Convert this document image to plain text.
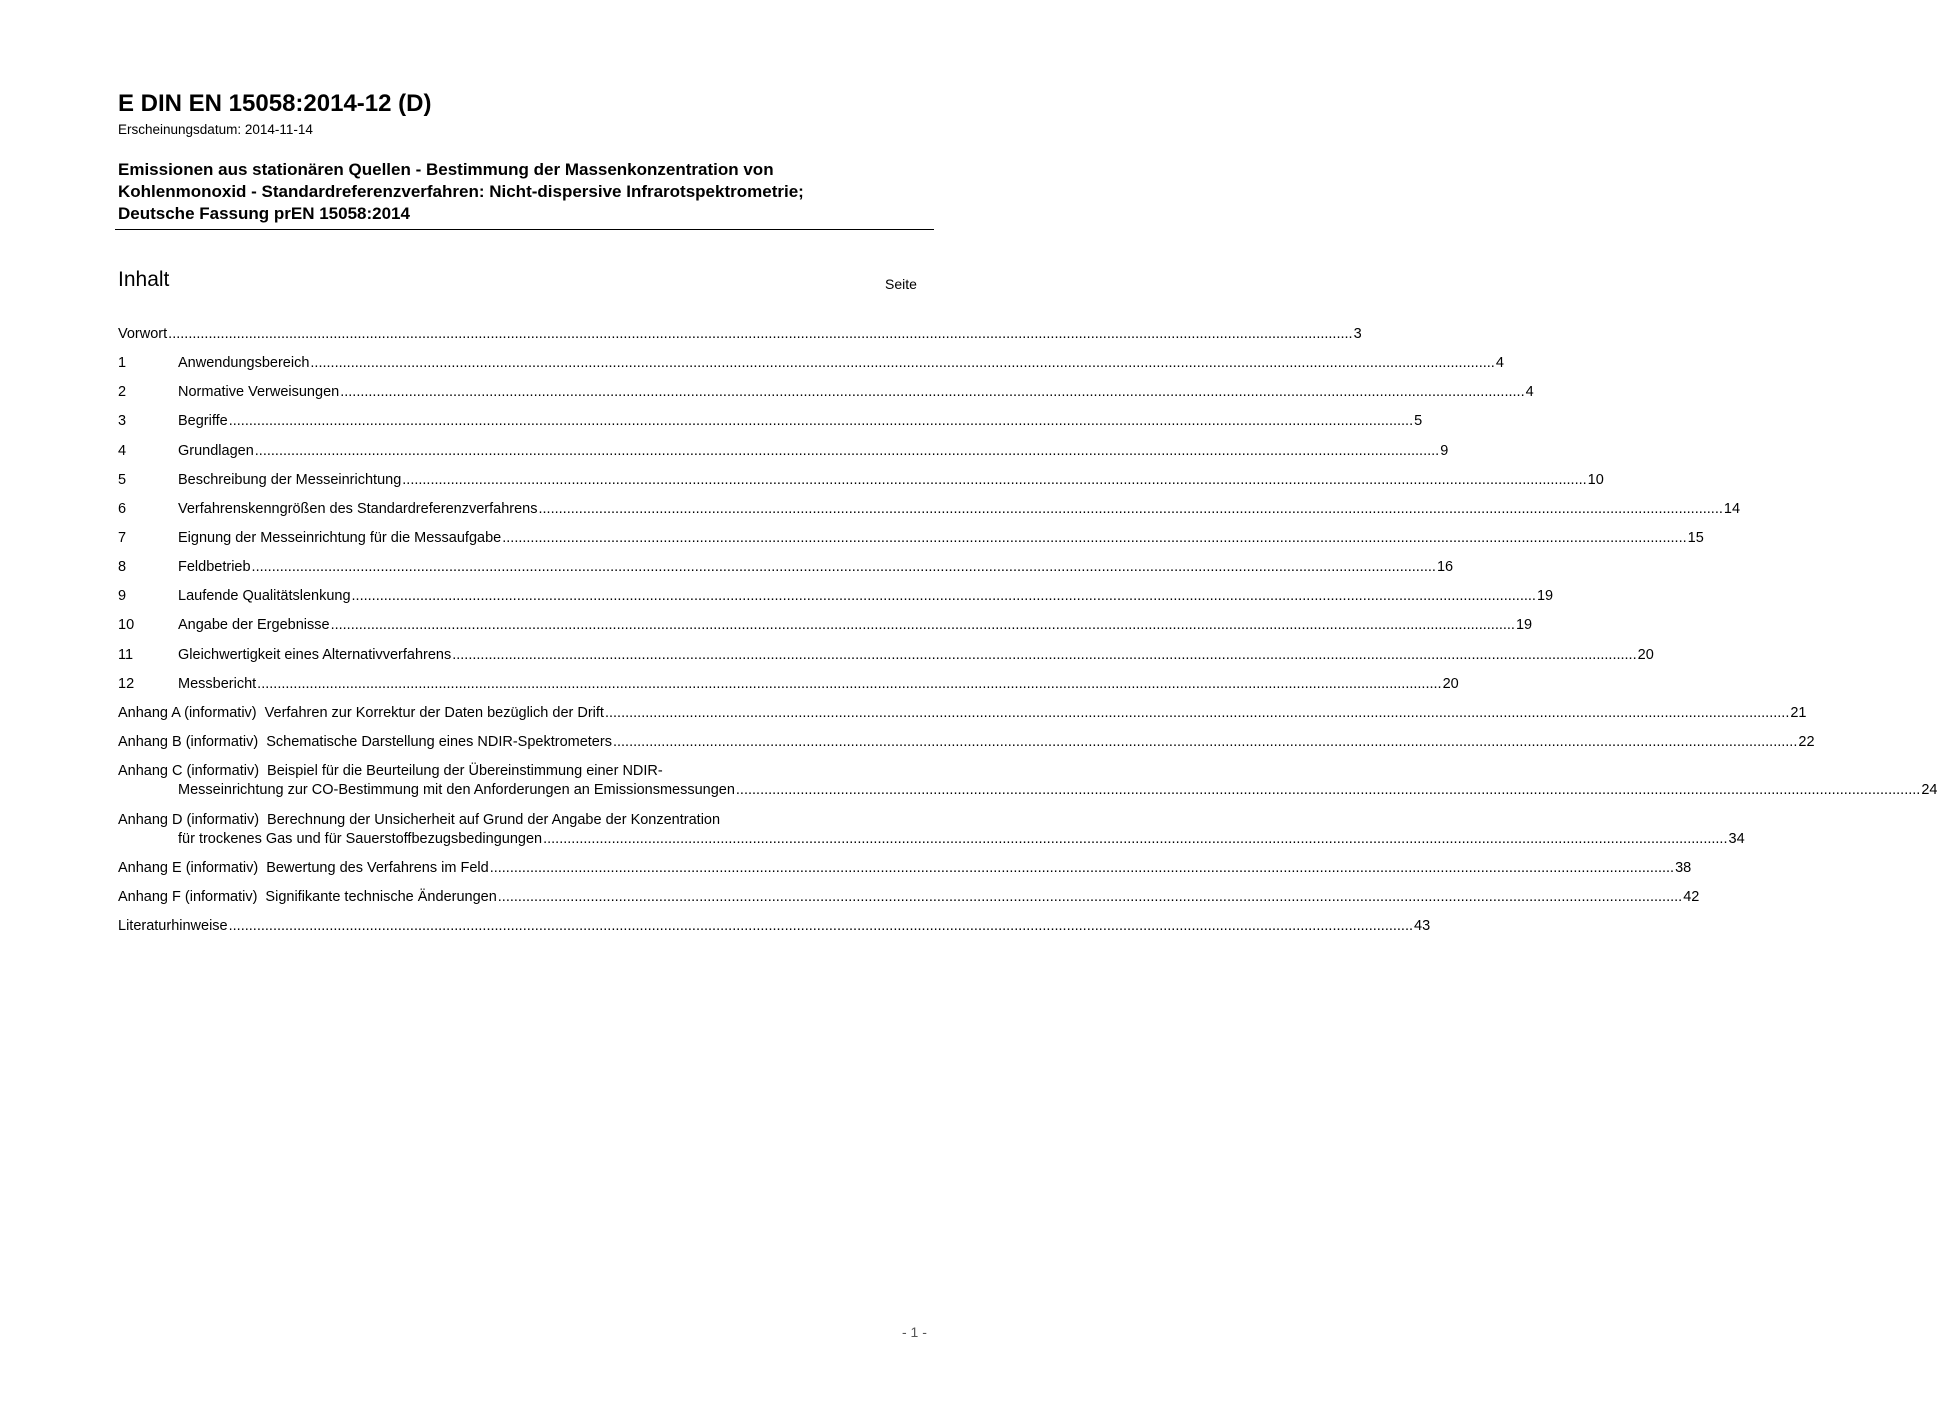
E DIN EN 15058:2014-12 (D)
Erscheinungsdatum: 2014-11-14
Emissionen aus stationären Quellen - Bestimmung der Massenkonzentration von
Kohlenmonoxid - Standardreferenzverfahren: Nicht-dispersive Infrarotspektrometrie;
Deutsche Fassung prEN 15058:2014
Inhalt	Seite
Vorwort .....	3
1	Anwendungsbereich .....	4
2	Normative Verweisungen .....	4
3	Begriffe .....	5
4	Grundlagen .....	9
5	Beschreibung der Messeinrichtung .....	10
6	Verfahrenskenngrößen des Standardreferenzverfahrens .....	14
7	Eignung der Messeinrichtung für die Messaufgabe .....	15
8	Feldbetrieb .....	16
9	Laufende Qualitätslenkung .....	19
10	Angabe der Ergebnisse .....	19
11	Gleichwertigkeit eines Alternativverfahrens .....	20
12	Messbericht .....	20
Anhang A (informativ) Verfahren zur Korrektur der Daten bezüglich der Drift .....	21
Anhang B (informativ) Schematische Darstellung eines NDIR-Spektrometers .....	22
Anhang C (informativ) Beispiel für die Beurteilung der Übereinstimmung einer NDIR-
Messeinrichtung zur CO-Bestimmung mit den Anforderungen an Emissionsmessungen .....	24
Anhang D (informativ) Berechnung der Unsicherheit auf Grund der Angabe der Konzentration
für trockenes Gas und für Sauerstoffbezugsbedingungen .....	34
Anhang E (informativ) Bewertung des Verfahrens im Feld .....	38
Anhang F (informativ) Signifikante technische Änderungen .....	42
Literaturhinweise .....	43
- 1 -
